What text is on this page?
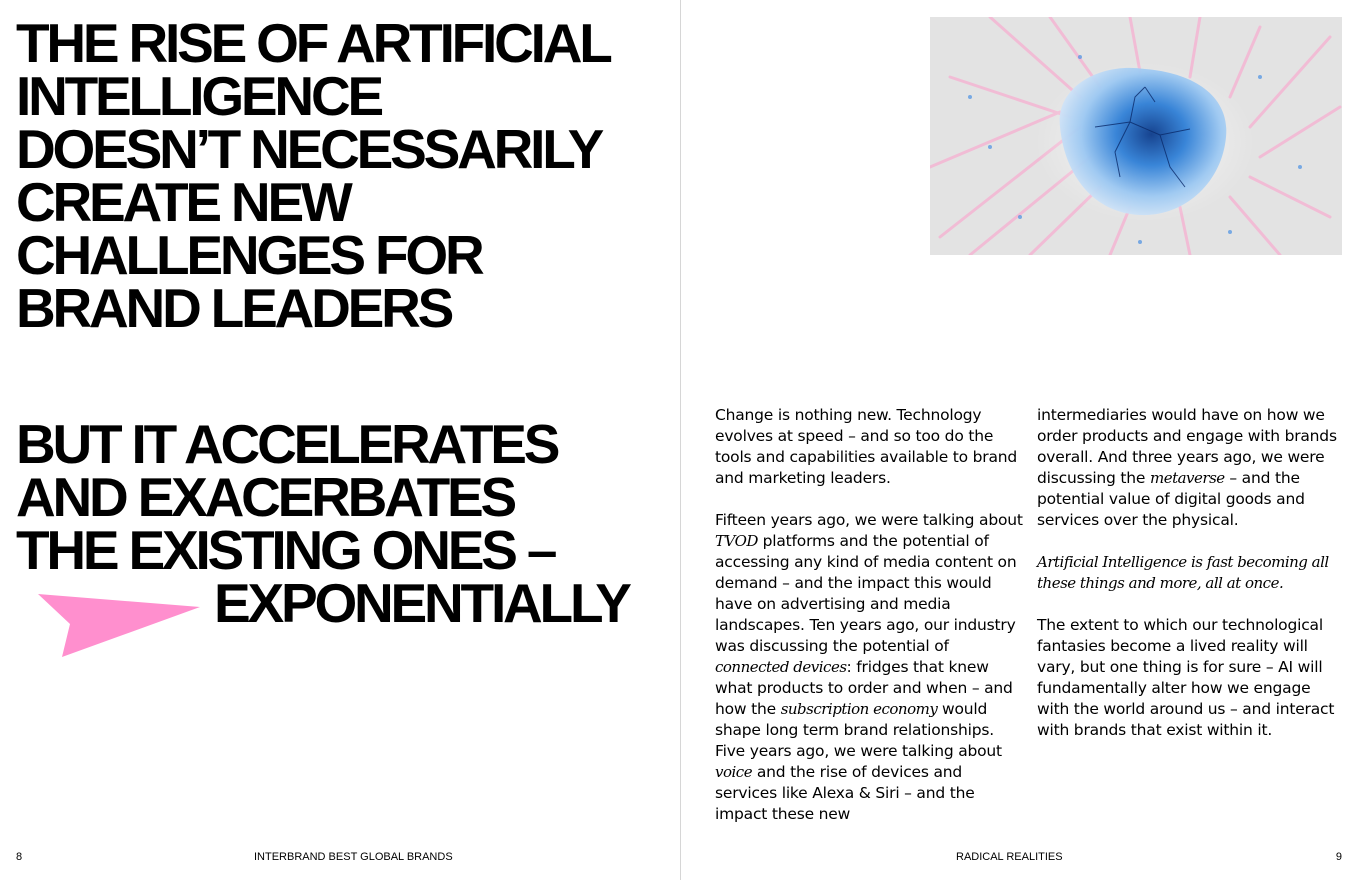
THE RISE OF ARTIFICIAL
INTELLIGENCE
DOESN’T NECESSARILY
CREATE NEW
CHALLENGES FOR
BRAND LEADERS
BUT IT ACCELERATES
AND EXACERBATES
THE EXISTING ONES –
EXPONENTIALLY
8	INTERBRAND BEST GLOBAL BRANDS

Change is nothing new. Technology evolves at speed – and so too do the tools and capabilities available to brand and marketing leaders.

Fifteen years ago, we were talking about TVOD platforms and the potential of accessing any kind of media content on demand – and the impact this would have on advertising and media landscapes. Ten years ago, our industry was discussing the potential of connected devices: fridges that knew what products to order and when – and how the subscription economy would shape long term brand relationships. Five years ago, we were talking about voice and the rise of devices and services like Alexa & Siri – and the impact these new

intermediaries would have on how we order products and engage with brands overall. And three years ago, we were discussing the metaverse – and the potential value of digital goods and services over the physical.

Artificial Intelligence is fast becoming all these things and more, all at once.

The extent to which our technological fantasies become a lived reality will vary, but one thing is for sure – AI will fundamentally alter how we engage with the world around us – and interact with brands that exist within it.

RADICAL REALITIES	9
